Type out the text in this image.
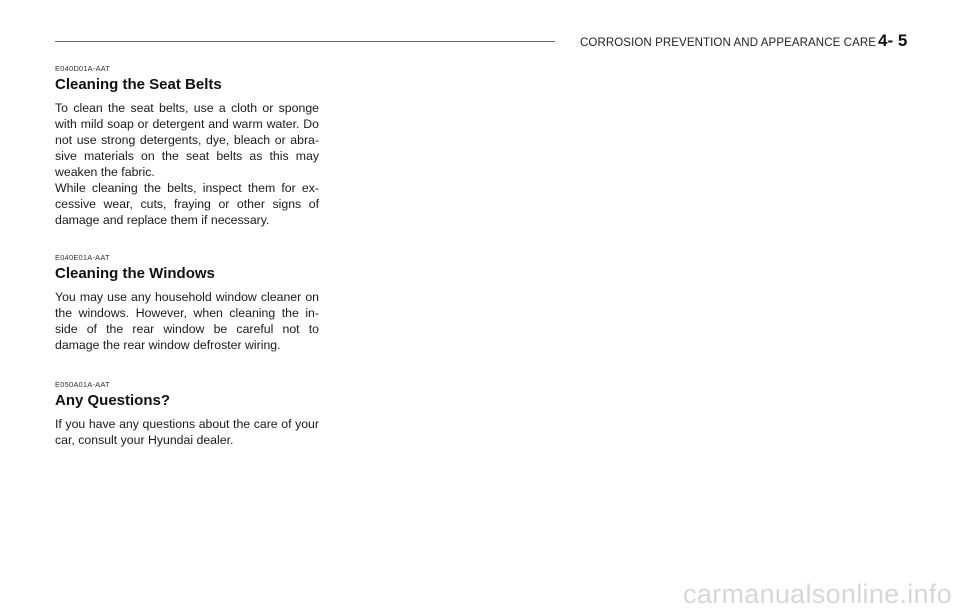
CORROSION PREVENTION AND APPEARANCE CARE 4- 5
E040D01A-AAT
Cleaning the Seat Belts

To clean the seat belts, use a cloth or sponge with mild soap or detergent and warm water. Do not use strong detergents, dye, bleach or abra- sive materials on the seat belts as this may weaken the fabric.

While cleaning the belts, inspect them for ex- cessive wear, cuts, fraying or other signs of damage and replace them if necessary.

E040E01A-AAT
Cleaning the Windows

You may use any household window cleaner on the windows. However, when cleaning the in- side of the rear window be careful not to damage the rear window defroster wiring.

E050A01A-AAT
Any Questions?

If you have any questions about the care of your car, consult your Hyundai dealer.

carmanualsonline.info
